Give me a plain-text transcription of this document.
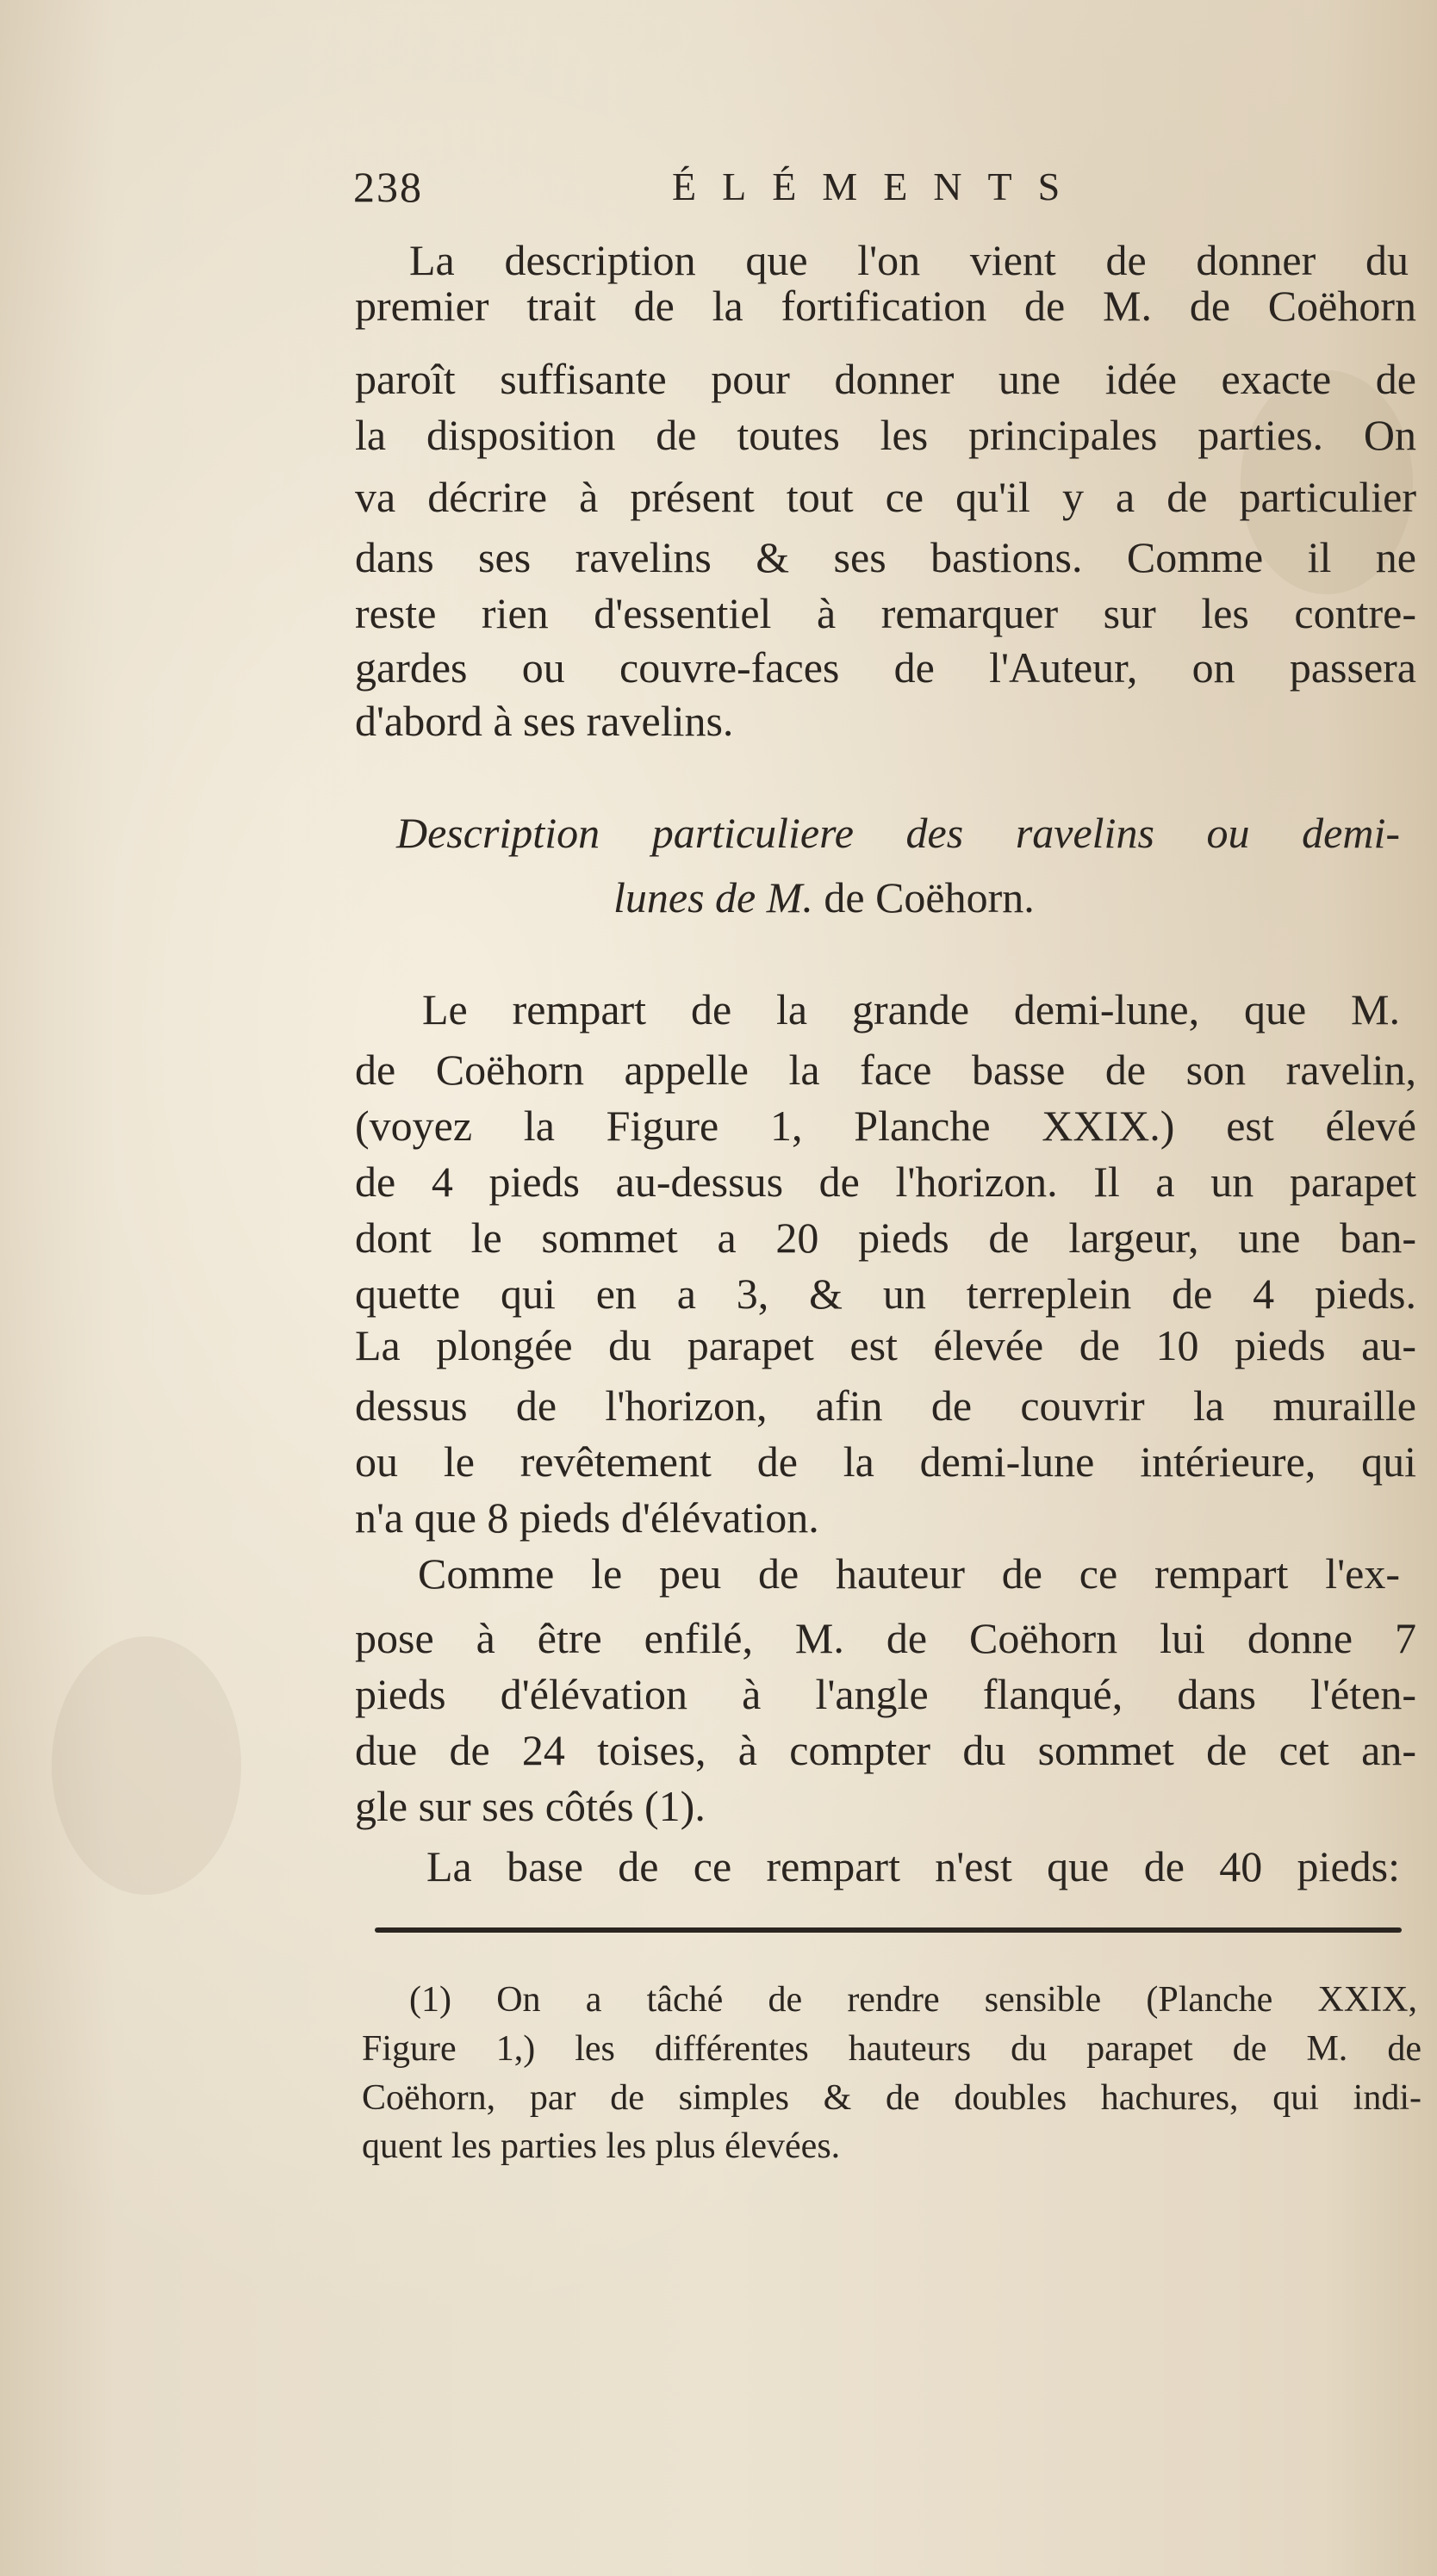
238	ÉLÉMENTS
La description que l'on vient de donner du
premier trait de la fortification de M. de Coëhorn
paroît suffisante pour donner une idée exacte de
la disposition de toutes les principales parties. On
va décrire à présent tout ce qu'il y a de particulier
dans ses ravelins & ses bastions. Comme il ne
reste rien d'essentiel à remarquer sur les contre-
gardes ou couvre-faces de l'Auteur, on passera
d'abord à ses ravelins.
Description particuliere des ravelins ou demi-
lunes de M. de Coëhorn.
Le rempart de la grande demi-lune, que M.
de Coëhorn appelle la face basse de son ravelin,
(voyez la Figure 1, Planche XXIX.) est élevé
de 4 pieds au-dessus de l'horizon. Il a un parapet
dont le sommet a 20 pieds de largeur, une ban-
quette qui en a 3, & un terreplein de 4 pieds.
La plongée du parapet est élevée de 10 pieds au-
dessus de l'horizon, afin de couvrir la muraille
ou le revêtement de la demi-lune intérieure, qui
n'a que 8 pieds d'élévation.
Comme le peu de hauteur de ce rempart l'ex-
pose à être enfilé, M. de Coëhorn lui donne 7
pieds d'élévation à l'angle flanqué, dans l'éten-
due de 24 toises, à compter du sommet de cet an-
gle sur ses côtés (1).
La base de ce rempart n'est que de 40 pieds:
(1) On a tâché de rendre sensible (Planche XXIX,
Figure 1,) les différentes hauteurs du parapet de M. de
Coëhorn, par de simples & de doubles hachures, qui indi-
quent les parties les plus élevées.
